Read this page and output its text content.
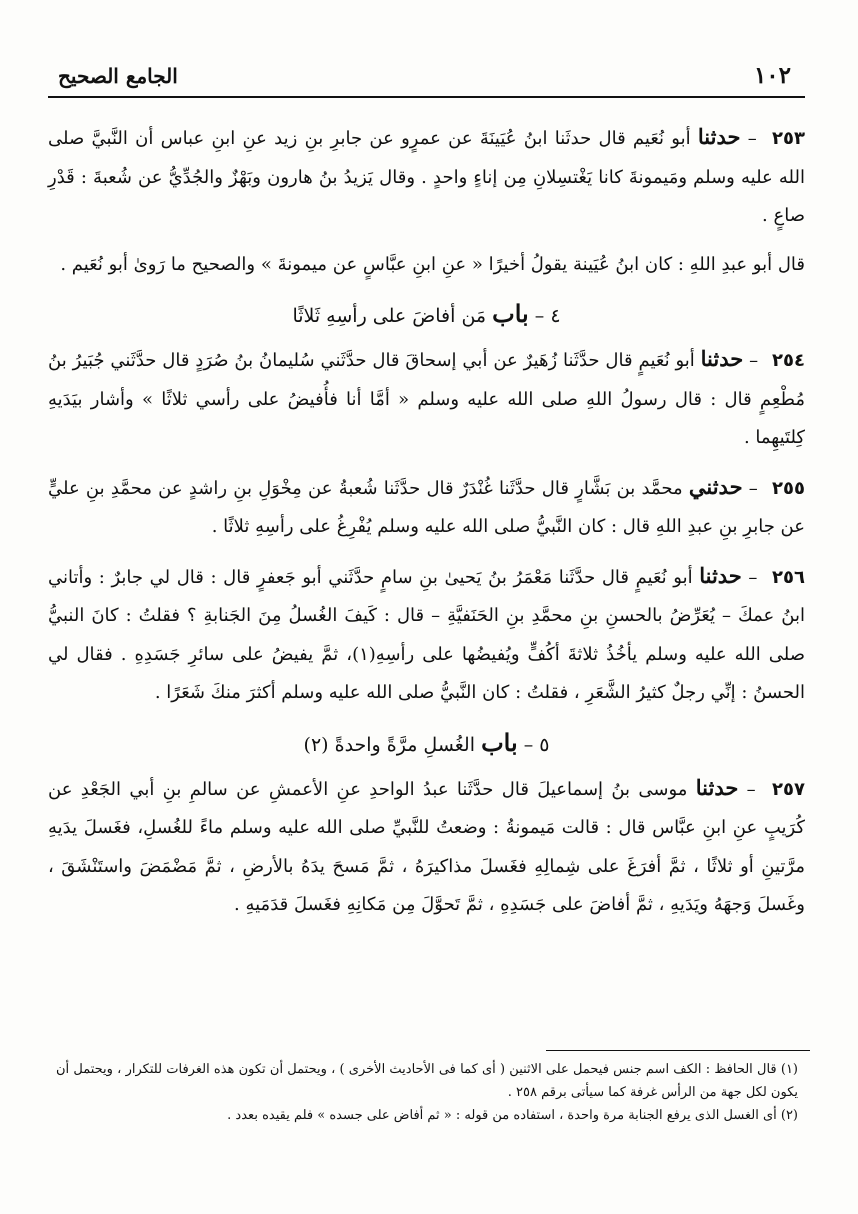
١٠٢
الجامع الصحيح

٢٥٣ – حدثنا أبو نُعَيم قال حدثَنا ابنُ عُيَينَةَ عن عمرٍو عن جابرِ بنِ زيد عنِ ابنِ عباس أن النَّبيَّ صلى الله عليه وسلم ومَيمونةَ كانا يَغْتسِلانِ مِن إناءٍ واحدٍ . وقال يَزيدُ بنُ هارون وبَهْزٌ والجُدِّيُّ عن شُعبةَ : قَدْرِ صاعٍ .

قال أبو عبدِ اللهِ : كان ابنُ عُيَينة يقولُ أخيرًا « عنِ ابنِ عبَّاسٍ عن ميمونةَ » والصحيح ما رَوىٰ أبو نُعَيم .

٤ – باب مَن أفاضَ على رأسِهِ ثَلاثًا

٢٥٤ – حدثنا أبو نُعَيمٍ قال حدَّثَنا زُهَيرٌ عن أبي إسحاقَ قال حدَّثَني سُليمانُ بنُ صُرَدٍ قال حدَّثَني جُبَيرُ بنُ مُطْعِمٍ قال : قال رسولُ اللهِ صلى الله عليه وسلم « أمَّا أنا فأُفيضُ على رأسي ثلاثًا » وأشار بيَدَيهِ كِلتَيهِما .

٢٥٥ – حدثني محمَّد بن بَشَّارٍ قال حدَّثَنا غُنْدَرٌ قال حدَّثَنا شُعبةُ عن مِخْوَلِ بنِ راشدٍ عن محمَّدِ بنِ عليٍّ عن جابرِ بنِ عبدِ اللهِ قال : كان النَّبيُّ صلى الله عليه وسلم يُفْرِغُ على رأسِهِ ثلاثًا .

٢٥٦ – حدثنا أبو نُعَيمٍ قال حدَّثَنا مَعْمَرُ بنُ يَحيىٰ بنِ سامٍ حدَّثَني أبو جَعفرٍ قال : قال لي جابرٌ : وأتاني ابنُ عمكَ – يُعَرِّضُ بالحسنِ بنِ محمَّدِ بنِ الحَنَفيَّةِ – قال : كَيفَ الغُسلُ مِنَ الجَنابةِ ؟ فقلتُ : كانَ النبيُّ صلى الله عليه وسلم يأخُذُ ثلاثةَ أكُفٍّ ويُفيضُها على رأسِهِ(١)، ثمَّ يفيضُ على سائرِ جَسَدِهِ . فقال لي الحسنُ : إنِّي رجلٌ كثيرُ الشَّعَرِ ، فقلتُ : كان النَّبيُّ صلى الله عليه وسلم أكثرَ منكَ شَعَرًا .

٥ – باب الغُسلِ مرَّةً واحدةً (٢)

٢٥٧ – حدثنا موسى بنُ إسماعيلَ قال حدَّثَنا عبدُ الواحدِ عنِ الأعمشِ عن سالمِ بنِ أبي الجَعْدِ عن كُرَيبٍ عنِ ابنِ عبَّاس قال : قالت مَيمونةُ : وضعتُ للنَّبيِّ صلى الله عليه وسلم ماءً للغُسلِ، فغَسلَ يدَيهِ مرَّتينِ أو ثلاثًا ، ثمَّ أفرَغَ على شِمالِهِ فغَسلَ مذاكيرَهُ ، ثمَّ مَسحَ يدَهُ بالأرضِ ، ثمَّ مَضْمَضَ واستَنْشَقَ ، وغَسلَ وَجهَهُ ويَدَيهِ ، ثمَّ أفاضَ على جَسَدِهِ ، ثمَّ تَحوَّلَ مِن مَكانِهِ فغَسلَ قدَمَيهِ .

(١) قال الحافظ : الكف اسم جنس فيحمل على الاثنين ( أى كما فى الأحاديث الأخرى ) ، ويحتمل أن تكون هذه الغرفات للتكرار ، ويحتمل أن يكون لكل جهة من الرأس غرفة كما سيأتى برقم ٢٥٨ .

(٢) أى الغسل الذى يرفع الجنابة مرة واحدة ، استفاده من قوله : « ثم أفاض على جسده » فلم يقيده بعدد .
